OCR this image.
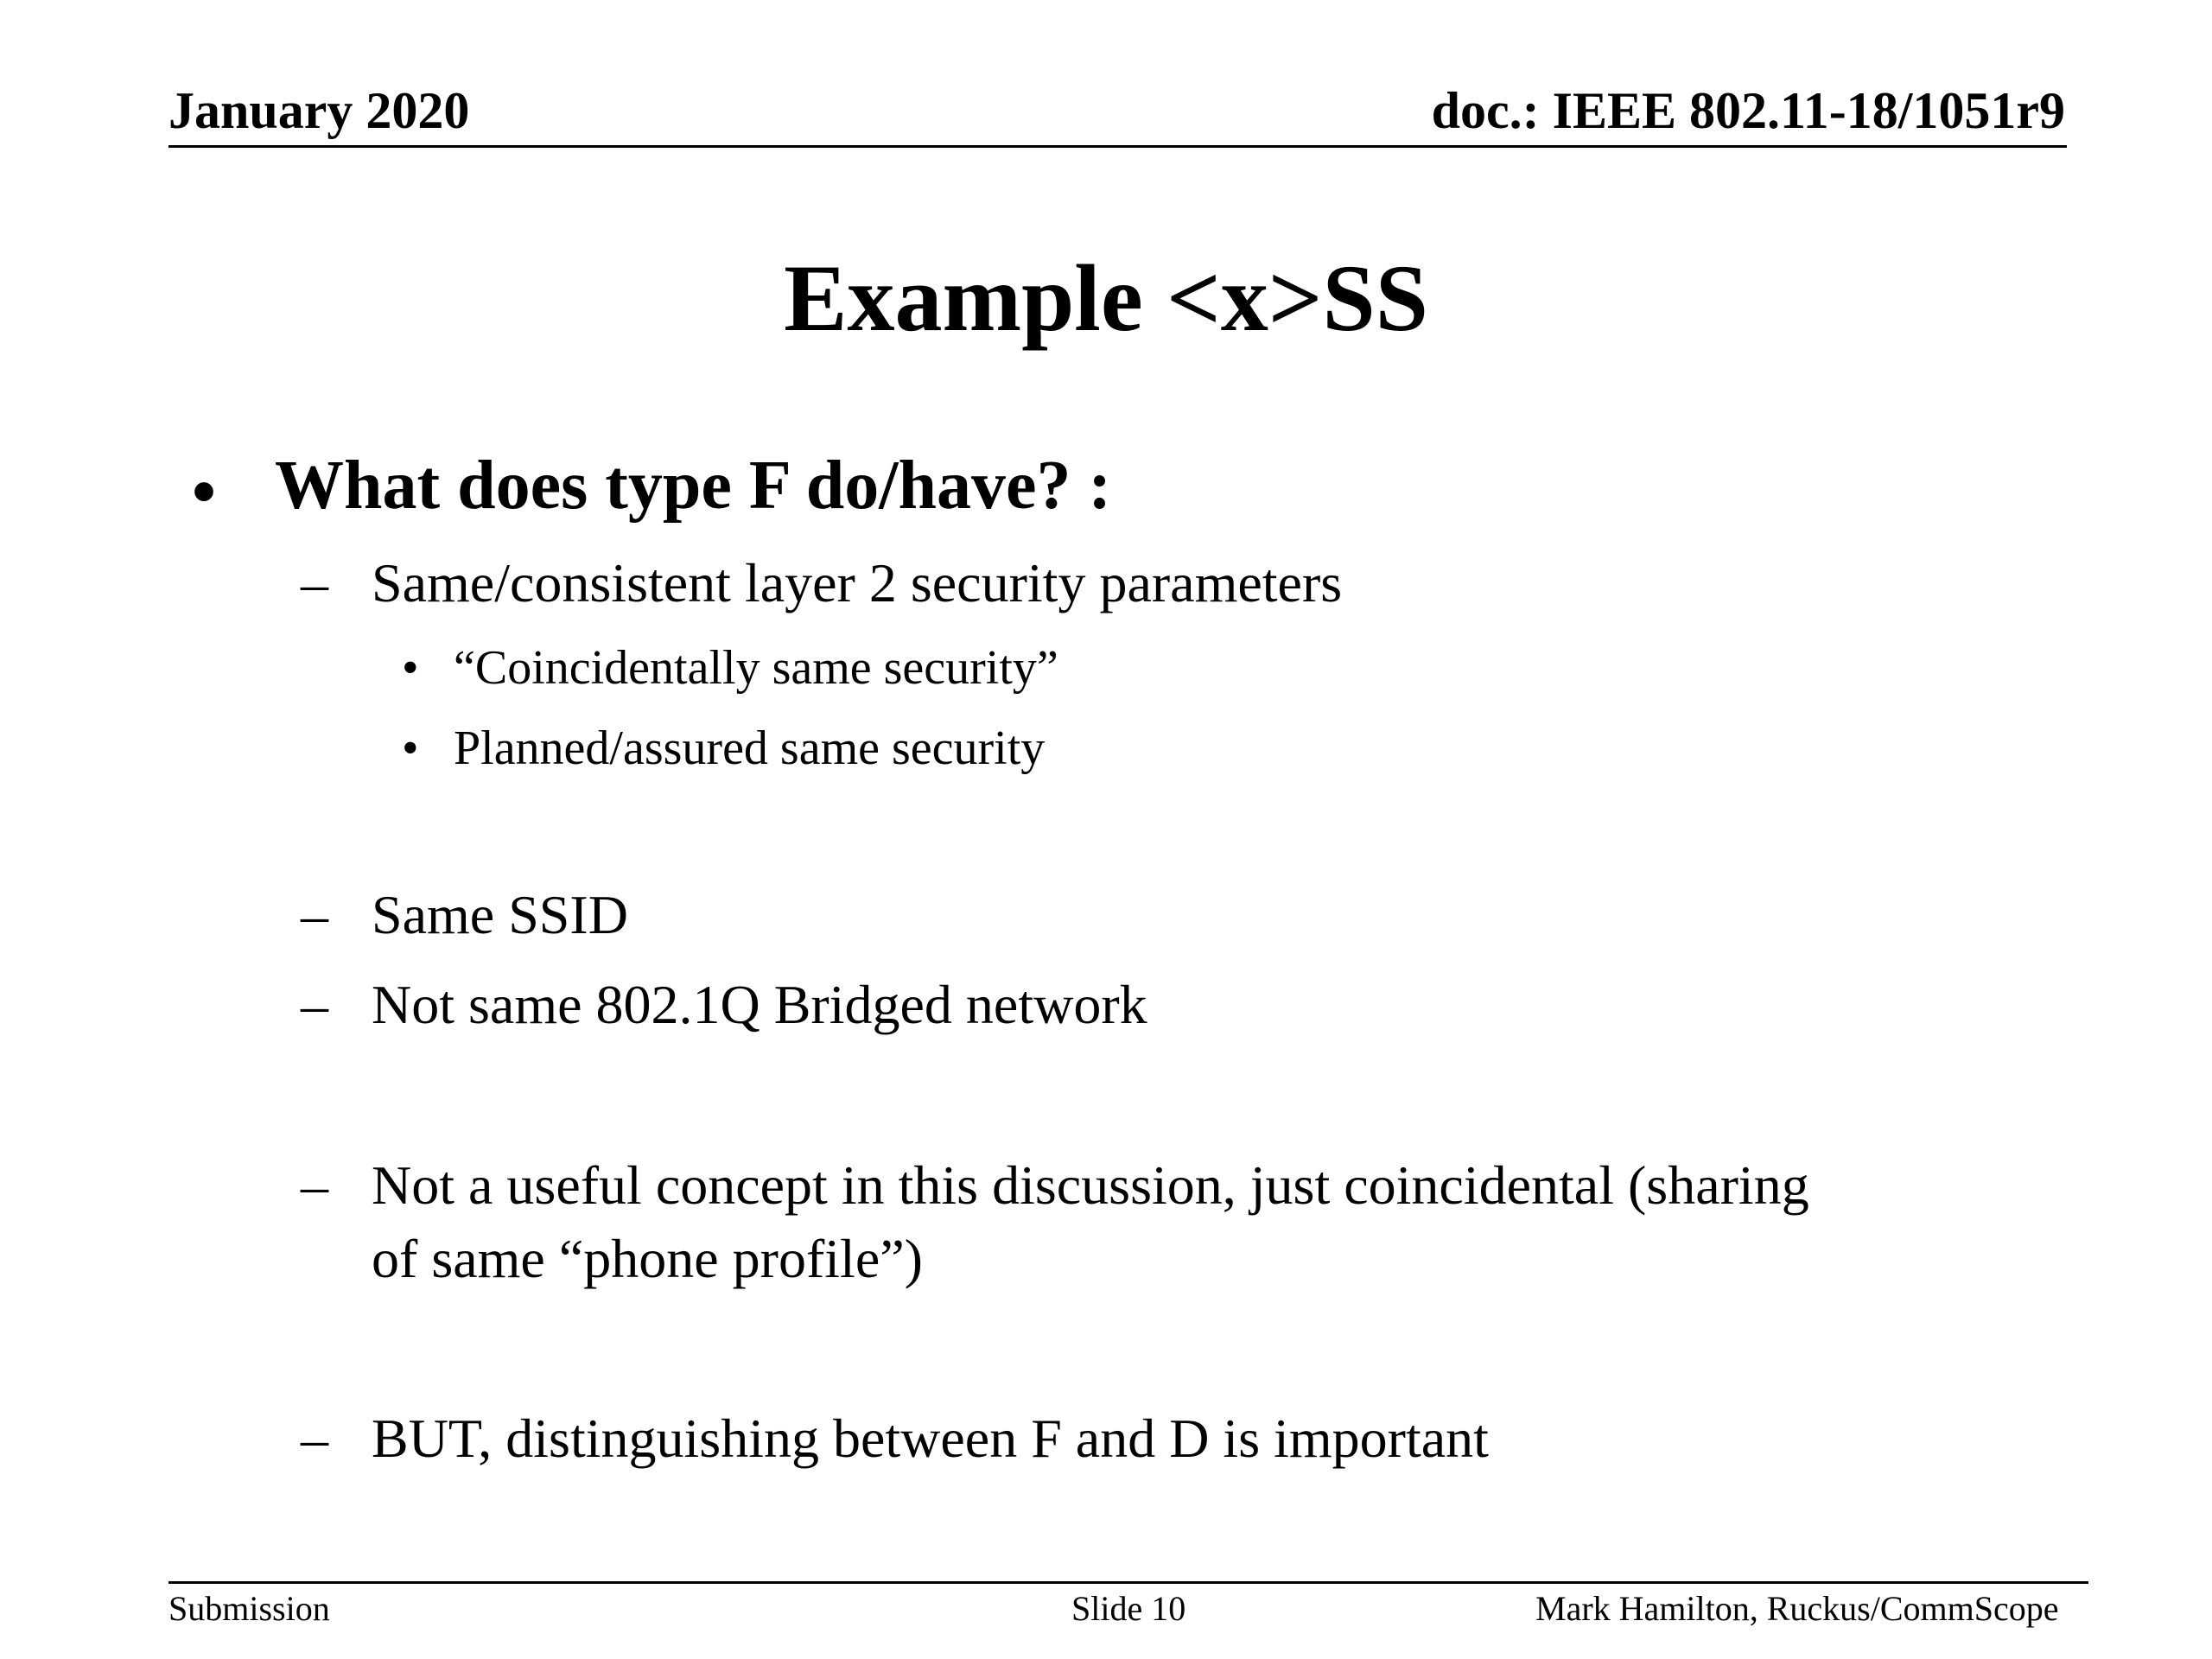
January 2020	doc.: IEEE 802.11-18/1051r9
Example <x>SS
• What does type F do/have? :
– Same/consistent layer 2 security parameters
• “Coincidentally same security”
• Planned/assured same security
– Same SSID
– Not same 802.1Q Bridged network
– Not a useful concept in this discussion, just coincidental (sharing
of same “phone profile”)
– BUT, distinguishing between F and D is important
Submission	Slide 10	Mark Hamilton, Ruckus/CommScope
